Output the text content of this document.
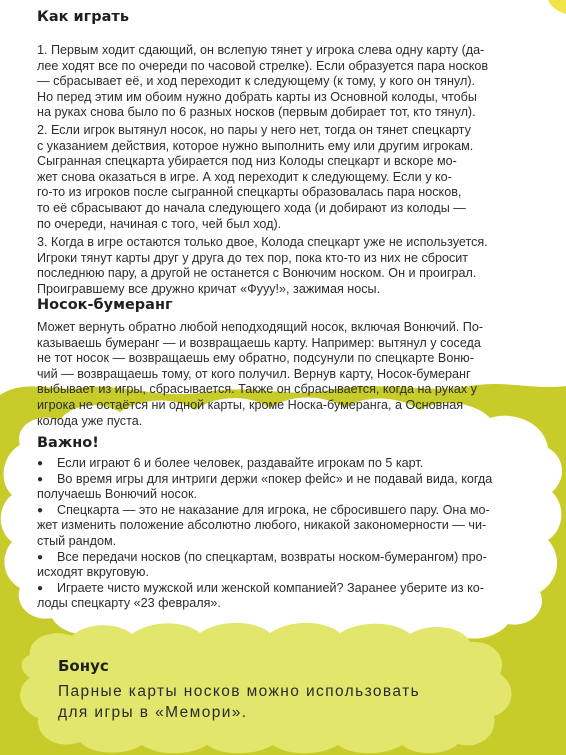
Как играть
1. Первым ходит сдающий, он вслепую тянет у игрока слева одну карту (да-
лее ходят все по очереди по часовой стрелке). Если образуется пара носков
— сбрасывает её, и ход переходит к следующему (к тому, у кого он тянул).
Но перед этим им обоим нужно добрать карты из Основной колоды, чтобы
на руках снова было по 6 разных носков (первым добирает тот, кто тянул).
2. Если игрок вытянул носок, но пары у него нет, тогда он тянет спецкарту
с указанием действия, которое нужно выполнить ему или другим игрокам.
Сыгранная спецкарта убирается под низ Колоды спецкарт и вскоре мо-
жет снова оказаться в игре. А ход переходит к следующему. Если у ко-
го-то из игроков после сыгранной спецкарты образовалась пара носков,
то её сбрасывают до начала следующего хода (и добирают из колоды —
по очереди, начиная с того, чей был ход).
3. Когда в игре остаются только двое, Колода спецкарт уже не используется.
Игроки тянут карты друг у друга до тех пор, пока кто-то из них не сбросит
последнюю пару, а другой не останется с Вонючим носком. Он и проиграл.
Проигравшему все дружно кричат «Фууу!», зажимая носы.
Носок-бумеранг
Может вернуть обратно любой неподходящий носок, включая Вонючий. По-
казываешь бумеранг — и возвращаешь карту. Например: вытянул у соседа
не тот носок — возвращаешь ему обратно, подсунули по спецкарте Воню-
чий — возвращаешь тому, от кого получил. Вернув карту, Носок-бумеранг
выбывает из игры, сбрасывается. Также он сбрасывается, когда на руках у
игрока не остаётся ни одной карты, кроме Носка-бумеранга, а Основная
колода уже пуста.
Важно!
● Если играют 6 и более человек, раздавайте игрокам по 5 карт.
● Во время игры для интриги держи «покер фейс» и не подавай вида, когда
получаешь Вонючий носок.
● Спецкарта — это не наказание для игрока, не сбросившего пару. Она мо-
жет изменить положение абсолютно любого, никакой закономерности — чи-
стый рандом.
● Все передачи носков (по спецкартам, возвраты носком-бумерангом) про-
исходят вкруговую.
● Играете чисто мужской или женской компанией? Заранее уберите из ко-
лоды спецкарту «23 февраля».
Бонус
Парные карты носков можно использовать
для игры в «Мемори».
